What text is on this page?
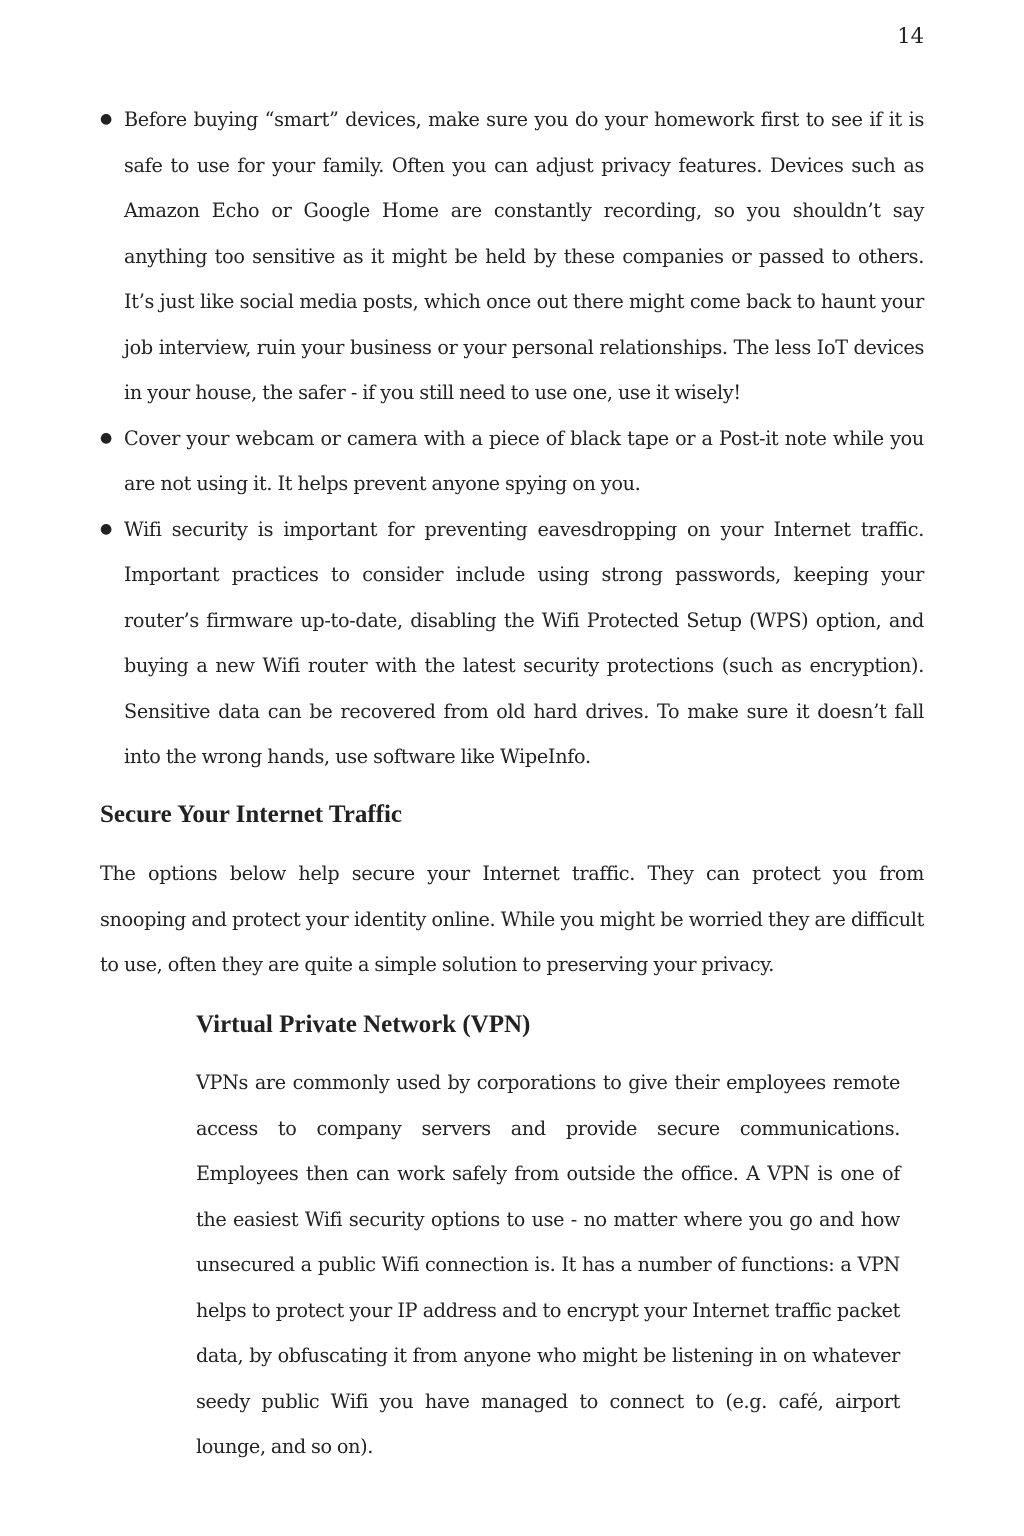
14
● Before buying “smart” devices, make sure you do your homework first to see if it is safe to use for your family. Often you can adjust privacy features. Devices such as Amazon Echo or Google Home are constantly recording, so you shouldn’t say anything too sensitive as it might be held by these companies or passed to others. It’s just like social media posts, which once out there might come back to haunt your job interview, ruin your business or your personal relationships. The less IoT devices in your house, the safer - if you still need to use one, use it wisely!
● Cover your webcam or camera with a piece of black tape or a Post-it note while you are not using it. It helps prevent anyone spying on you.
● Wifi security is important for preventing eavesdropping on your Internet traffic. Important practices to consider include using strong passwords, keeping your router’s firmware up-to-date, disabling the Wifi Protected Setup (WPS) option, and buying a new Wifi router with the latest security protections (such as encryption). Sensitive data can be recovered from old hard drives. To make sure it doesn’t fall into the wrong hands, use software like WipeInfo.
Secure Your Internet Traffic

The options below help secure your Internet traffic. They can protect you from snooping and protect your identity online. While you might be worried they are difficult to use, often they are quite a simple solution to preserving your privacy.

Virtual Private Network (VPN)

VPNs are commonly used by corporations to give their employees remote access to company servers and provide secure communications. Employees then can work safely from outside the office. A VPN is one of the easiest Wifi security options to use - no matter where you go and how unsecured a public Wifi connection is. It has a number of functions: a VPN helps to protect your IP address and to encrypt your Internet traffic packet data, by obfuscating it from anyone who might be listening in on whatever seedy public Wifi you have managed to connect to (e.g. café, airport lounge, and so on).
